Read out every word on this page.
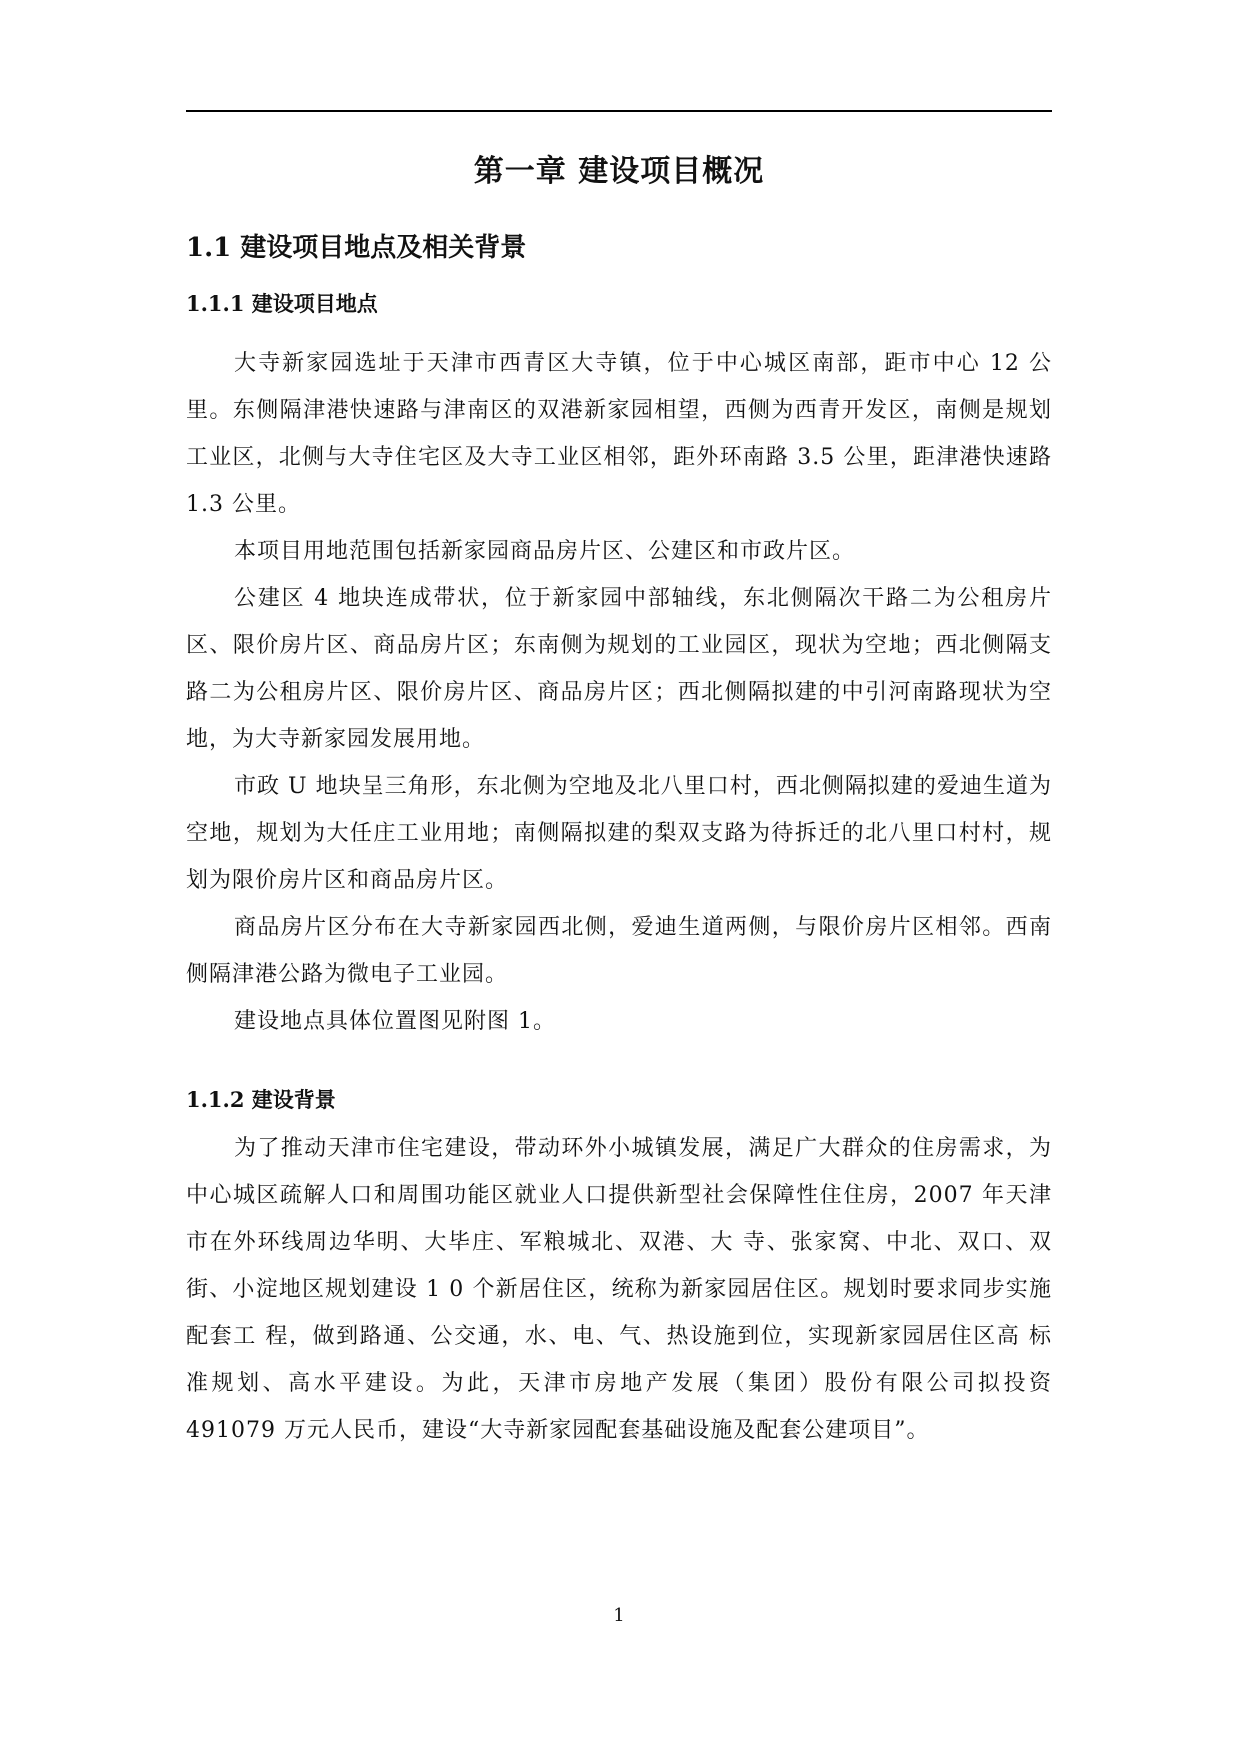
第一章 建设项目概况
1.1 建设项目地点及相关背景
1.1.1 建设项目地点

大寺新家园选址于天津市西青区大寺镇，位于中心城区南部，距市中心 12 公里。东侧隔津港快速路与津南区的双港新家园相望，西侧为西青开发区，南侧是规划工业区，北侧与大寺住宅区及大寺工业区相邻，距外环南路 3.5 公里，距津港快速路 1.3 公里。

本项目用地范围包括新家园商品房片区、公建区和市政片区。

公建区 4 地块连成带状，位于新家园中部轴线，东北侧隔次干路二为公租房片区、限价房片区、商品房片区；东南侧为规划的工业园区，现状为空地；西北侧隔支路二为公租房片区、限价房片区、商品房片区；西北侧隔拟建的中引河南路现状为空地，为大寺新家园发展用地。

市政 U 地块呈三角形，东北侧为空地及北八里口村，西北侧隔拟建的爱迪生道为空地，规划为大任庄工业用地；南侧隔拟建的梨双支路为待拆迁的北八里口村村，规划为限价房片区和商品房片区。

商品房片区分布在大寺新家园西北侧，爱迪生道两侧，与限价房片区相邻。西南侧隔津港公路为微电子工业园。

建设地点具体位置图见附图 1。

1.1.2 建设背景

为了推动天津市住宅建设，带动环外小城镇发展，满足广大群众的住房需求，为中心城区疏解人口和周围功能区就业人口提供新型社会保障性住住房，2007 年天津市在外环线周边华明、大毕庄、军粮城北、双港、大 寺、张家窝、中北、双口、双街、小淀地区规划建设 1 0 个新居住区，统称为新家园居住区。规划时要求同步实施配套工 程，做到路通、公交通，水、电、气、热设施到位，实现新家园居住区高 标准规划、高水平建设。为此，天津市房地产发展（集团）股份有限公司拟投资 491079 万元人民币，建设“大寺新家园配套基础设施及配套公建项目”。

1
